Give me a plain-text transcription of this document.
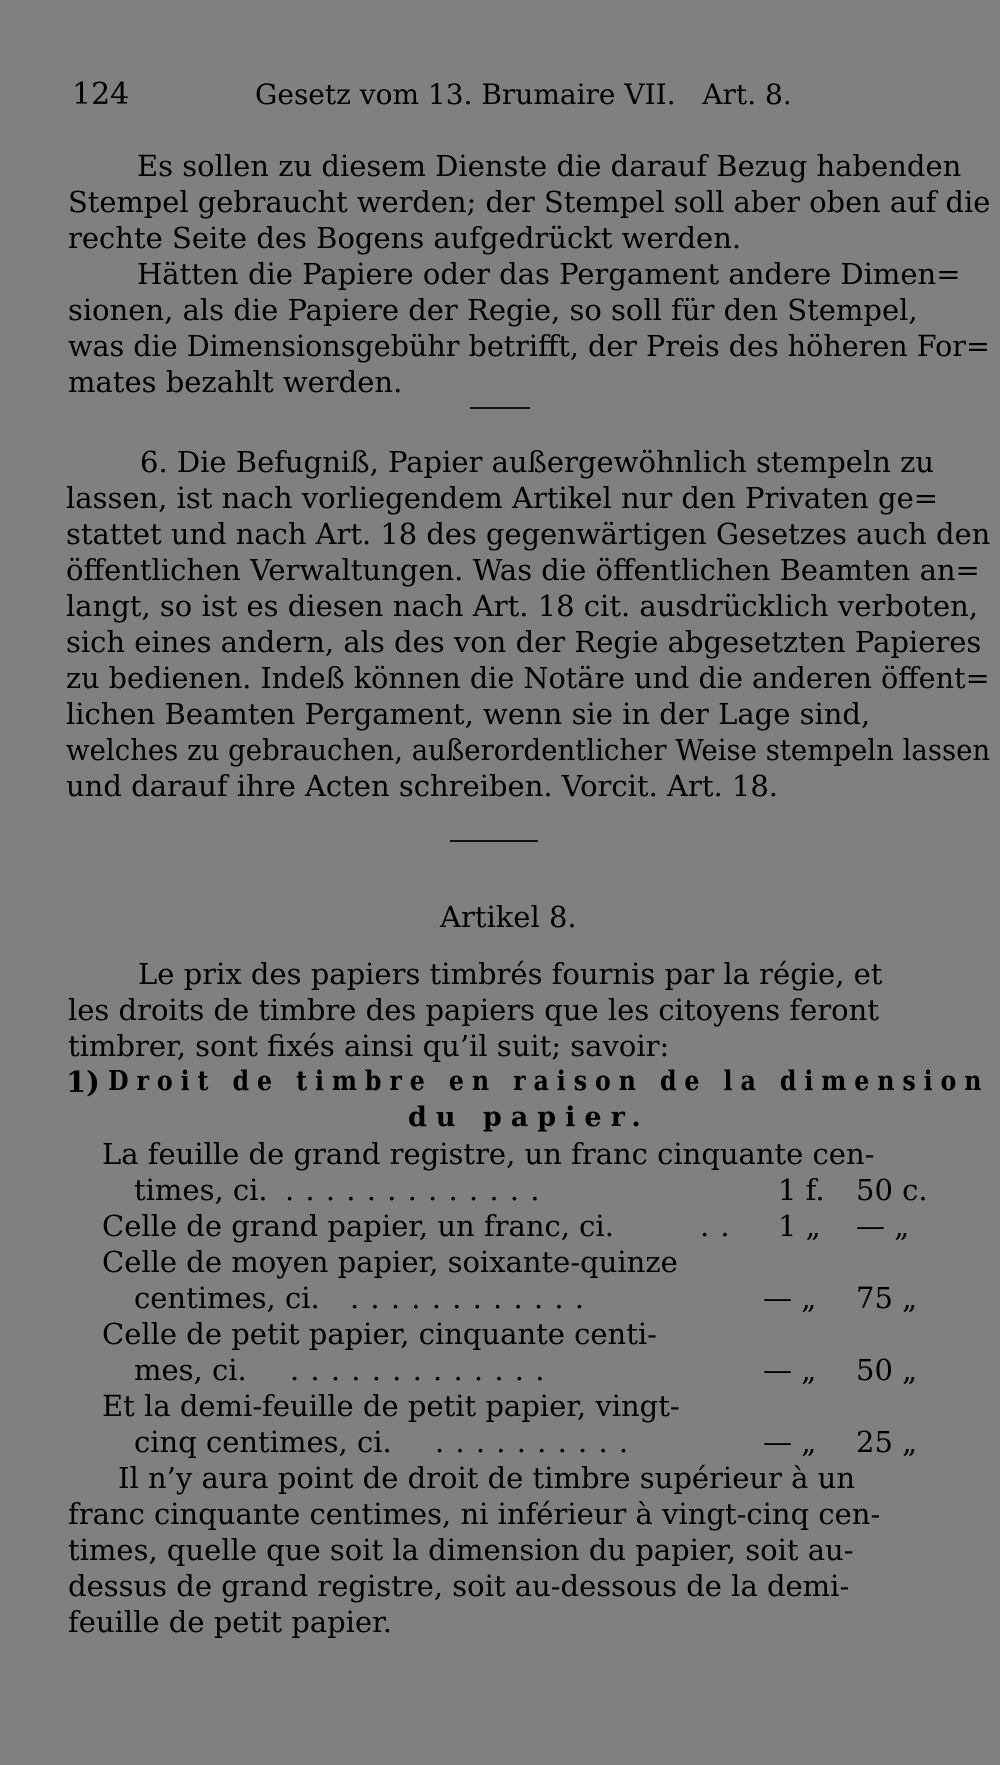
124	Gesetz vom 13. Brumaire VII.   Art. 8.
Es sollen zu diesem Dienste die darauf Bezug habenden
Stempel gebraucht werden; der Stempel soll aber oben auf die
rechte Seite des Bogens aufgedrückt werden.
Hätten die Papiere oder das Pergament andere Dimen=
sionen, als die Papiere der Regie, so soll für den Stempel,
was die Dimensionsgebühr betrifft, der Preis des höheren For=
mates bezahlt werden.
6. Die Befugniß, Papier außergewöhnlich stempeln zu
lassen, ist nach vorliegendem Artikel nur den Privaten ge=
stattet und nach Art. 18 des gegenwärtigen Gesetzes auch den
öffentlichen Verwaltungen. Was die öffentlichen Beamten an=
langt, so ist es diesen nach Art. 18 cit. ausdrücklich verboten,
sich eines andern, als des von der Regie abgesetzten Papieres
zu bedienen. Indeß können die Notäre und die anderen öffent=
lichen Beamten Pergament, wenn sie in der Lage sind,
welches zu gebrauchen, außerordentlicher Weise stempeln lassen
und darauf ihre Acten schreiben. Vorcit. Art. 18.
Artikel 8.
Le prix des papiers timbrés fournis par la régie, et
les droits de timbre des papiers que les citoyens feront
timbrer, sont fixés ainsi qu’il suit; savoir:
1) Droit de timbre en raison de la dimension
du papier.
La feuille de grand registre, un franc cinquante cen-
times, ci. . . . . . . . . . . . . .	1 f. 50 c.
Celle de grand papier, un franc, ci.	. . 1 „ — „
Celle de moyen papier, soixante-quinze
centimes, ci. . . . . . . . . . . . .	— „ 75 „
Celle de petit papier, cinquante centi-
mes, ci. . . . . . . . . . . . . .	— „ 50 „
Et la demi-feuille de petit papier, vingt-
cinq centimes, ci. . . . . . . . . . .	— „ 25 „
Il n’y aura point de droit de timbre supérieur à un
franc cinquante centimes, ni inférieur à vingt-cinq cen-
times, quelle que soit la dimension du papier, soit au-
dessus de grand registre, soit au-dessous de la demi-
feuille de petit papier.
